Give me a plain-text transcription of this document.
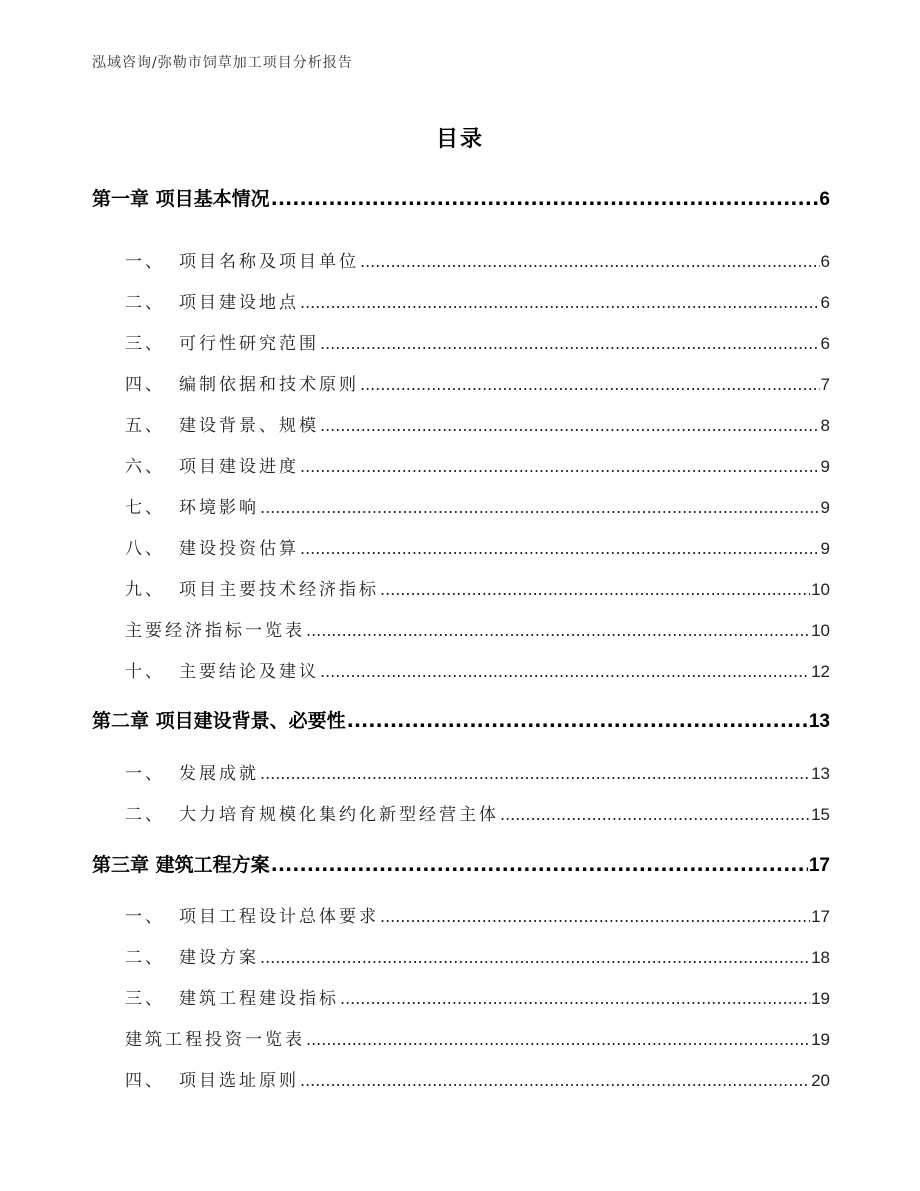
泓域咨询/弥勒市饲草加工项目分析报告
目录
第一章 项目基本情况 .....	6
一、 项目名称及项目单位 .....	6
二、 项目建设地点 .....	6
三、 可行性研究范围 .....	6
四、 编制依据和技术原则 .....	7
五、 建设背景、规模 .....	8
六、 项目建设进度 .....	9
七、 环境影响 .....	9
八、 建设投资估算 .....	9
九、 项目主要技术经济指标 .....	10
主要经济指标一览表 .....	10
十、 主要结论及建议 .....	12
第二章 项目建设背景、必要性 .....	13
一、 发展成就 .....	13
二、 大力培育规模化集约化新型经营主体 .....	15
第三章 建筑工程方案 .....	17
一、 项目工程设计总体要求 .....	17
二、 建设方案 .....	18
三、 建筑工程建设指标 .....	19
建筑工程投资一览表 .....	19
四、 项目选址原则 .....	20
